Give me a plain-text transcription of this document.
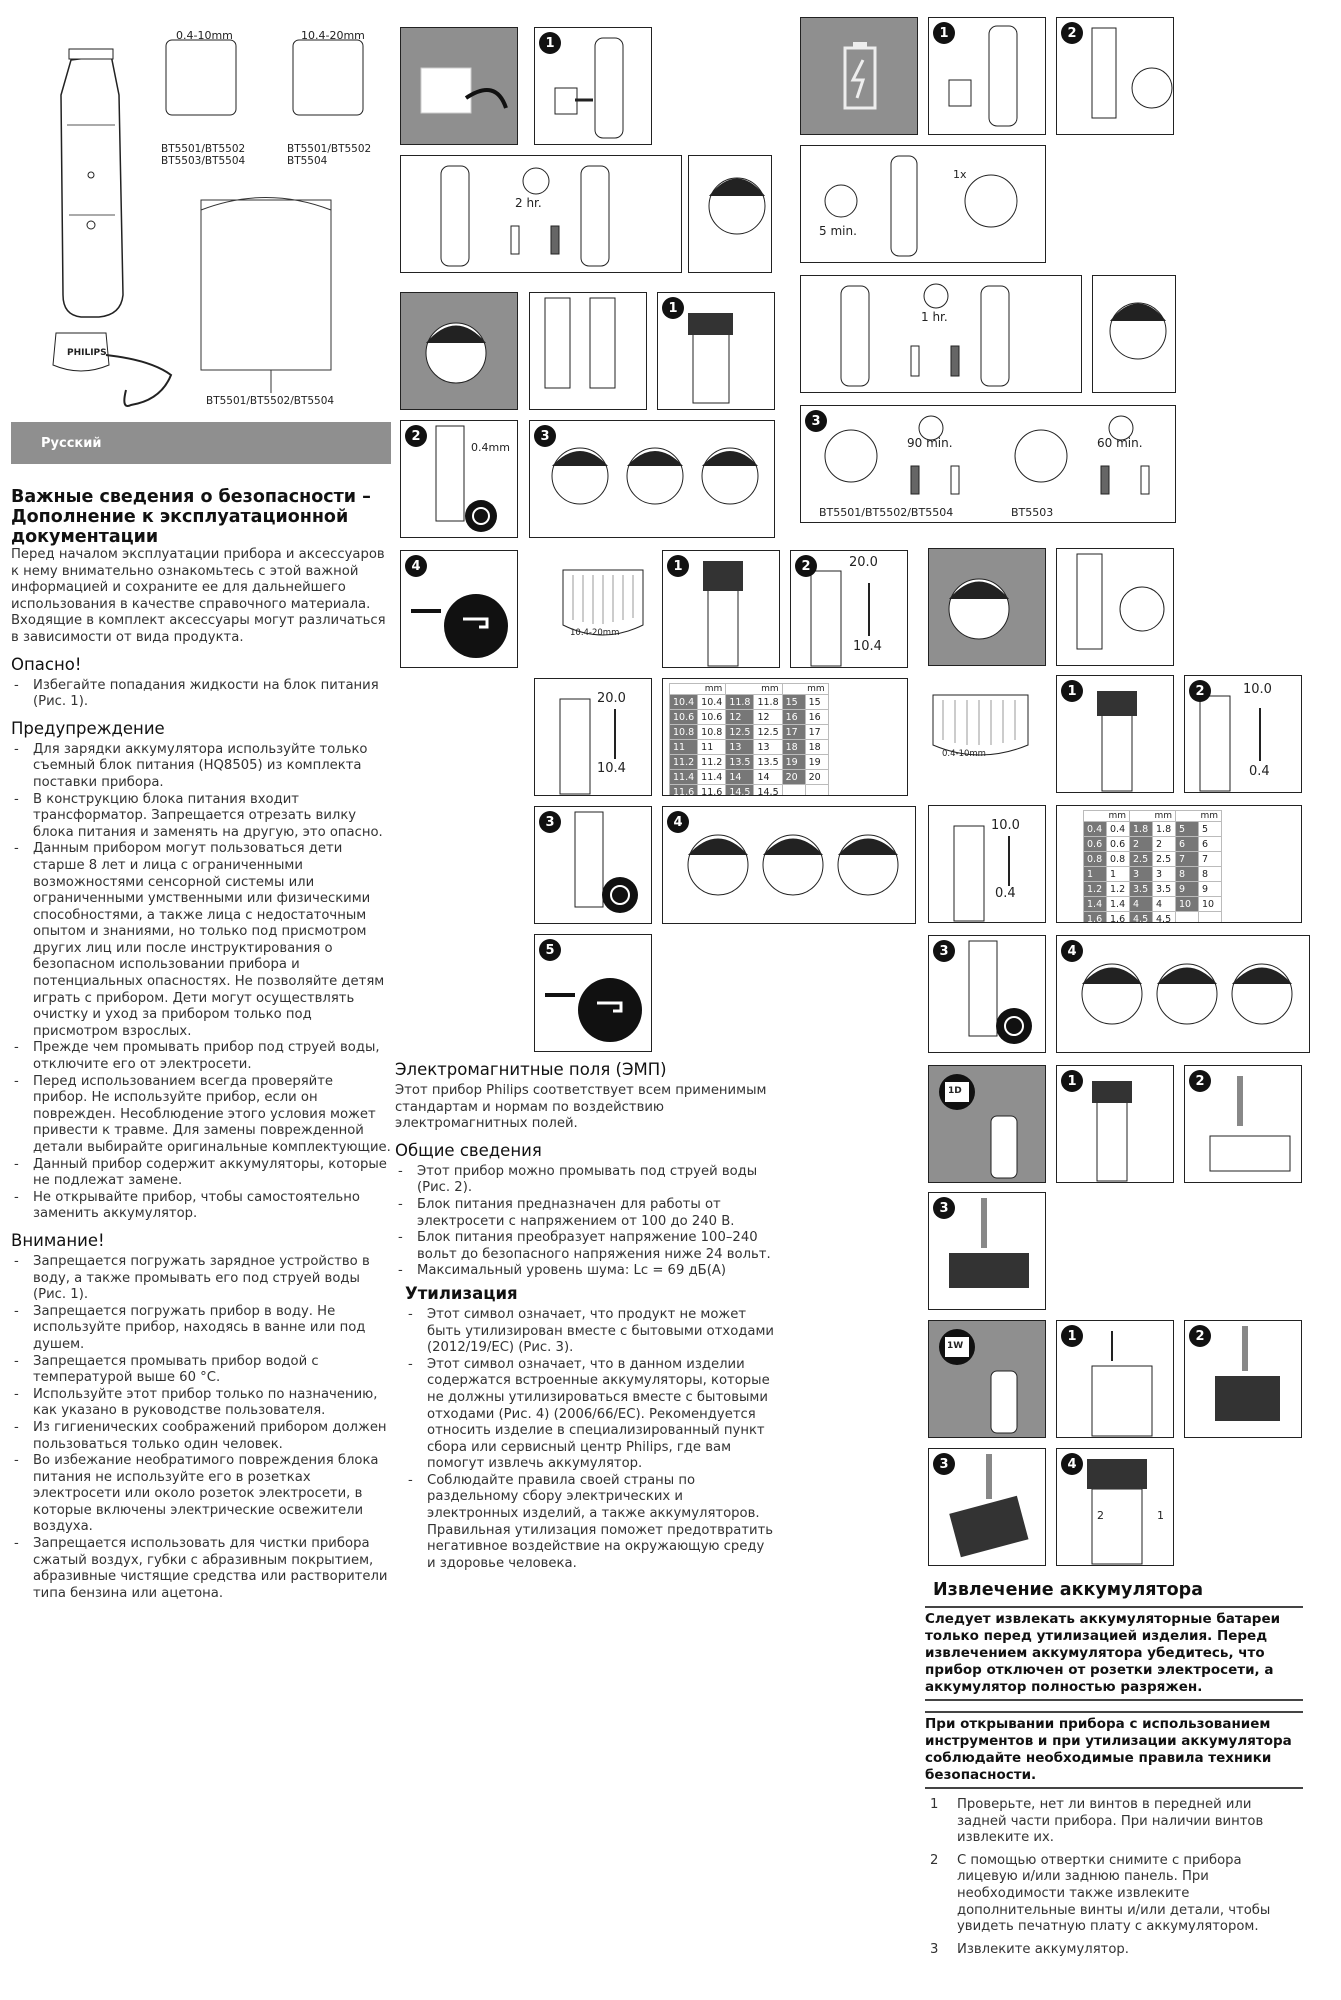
0.4-10mm	10.4-20mm
BT5501/BT5502
BT5503/BT5504
BT5501/BT5502
BT5504
PHILIPS
BT5501/BT5502/BT5504
Русский
Важные сведения о безопасности – Дополнение к эксплуатационной документации
Перед началом эксплуатации прибора и аксессуаров к нему внимательно ознакомьтесь с этой важной информацией и сохраните ее для дальнейшего использования в качестве справочного материала. Входящие в комплект аксессуары могут различаться в зависимости от вида продукта.
Опасно!
- Избегайте попадания жидкости на блок питания (Рис. 1).
Предупреждение
- Для зарядки аккумулятора используйте только съемный блок питания (HQ8505) из комплекта поставки прибора.
- В конструкцию блока питания входит трансформатор. Запрещается отрезать вилку блока питания и заменять на другую, это опасно.
- Данным прибором могут пользоваться дети старше 8 лет и лица с ограниченными возможностями сенсорной системы или ограниченными умственными или физическими способностями, а также лица с недостаточным опытом и знаниями, но только под присмотром других лиц или после инструктирования о безопасном использовании прибора и потенциальных опасностях. Не позволяйте детям играть с прибором. Дети могут осуществлять очистку и уход за прибором только под присмотром взрослых.
- Прежде чем промывать прибор под струей воды, отключите его от электросети.
- Перед использованием всегда проверяйте прибор. Не используйте прибор, если он поврежден. Несоблюдение этого условия может привести к травме. Для замены поврежденной детали выбирайте оригинальные комплектующие.
- Данный прибор содержит аккумуляторы, которые не подлежат замене.
- Не открывайте прибор, чтобы самостоятельно заменить аккумулятор.
Внимание!
- Запрещается погружать зарядное устройство в воду, а также промывать его под струей воды (Рис. 1).
- Запрещается погружать прибор в воду. Не используйте прибор, находясь в ванне или под душем.
- Запрещается промывать прибор водой с температурой выше 60 °C.
- Используйте этот прибор только по назначению, как указано в руководстве пользователя.
- Из гигиенических соображений прибором должен пользоваться только один человек.
- Во избежание необратимого повреждения блока питания не используйте его в розетках электросети или около розеток электросети, в которые включены электрические освежители воздуха.
- Запрещается использовать для чистки прибора сжатый воздух, губки с абразивным покрытием, абразивные чистящие средства или растворители типа бензина или ацетона.
1
2 hr.
1
2
0.4mm
3
4
10.4-20mm
1	2	20.0
10.4
20.0
10.4
mm		mm		mm	
10.4	10.4	11.8	11.8	15	15
10.6	10.6	12	12	16	16
10.8	10.8	12.5	12.5	17	17
11	11	13	13	18	18
11.2	11.2	13.5	13.5	19	19
11.4	11.4	14	14	20	20
11.6	11.6	14.5	14.5		
3	4
5
Электромагнитные поля (ЭМП)
Этот прибор Philips соответствует всем применимым стандартам и нормам по воздействию электромагнитных полей.
Общие сведения
- Этот прибор можно промывать под струей воды (Рис. 2).
- Блок питания предназначен для работы от электросети с напряжением от 100 до 240 В.
- Блок питания преобразует напряжение 100–240 вольт до безопасного напряжения ниже 24 вольт.
- Максимальный уровень шума: Lc = 69 дБ(A)
Утилизация
- Этот символ означает, что продукт не может быть утилизирован вместе с бытовыми отходами (2012/19/EC) (Рис. 3).
- Этот символ означает, что в данном изделии содержатся встроенные аккумуляторы, которые не должны утилизироваться вместе с бытовыми отходами (Рис. 4) (2006/66/EC). Рекомендуется относить изделие в специализированный пункт сбора или сервисный центр Philips, где вам помогут извлечь аккумулятор.
- Соблюдайте правила своей страны по раздельному сбору электрических и электронных изделий, а также аккумуляторов. Правильная утилизация поможет предотвратить негативное воздействие на окружающую среду и здоровье человека.
1	2
5 min.
1x
1 hr.
3
90 min.	60 min.
BT5501/BT5502/BT5504	BT5503
0.4-10mm
1	2	10.0
0.4
10.0
0.4
mm		mm		mm	
0.4	0.4	1.8	1.8	5	5
0.6	0.6	2	2	6	6
0.8	0.8	2.5	2.5	7	7
1	1	3	3	8	8
1.2	1.2	3.5	3.5	9	9
1.4	1.4	4	4	10	10
1.6	1.6	4.5	4.5		
3	4
1D
1	2
3
1W
1	2
3	4
2	1
Извлечение аккумулятора
Следует извлекать аккумуляторные батареи только перед утилизацией изделия. Перед извлечением аккумулятора убедитесь, что прибор отключен от розетки электросети, а аккумулятор полностью разряжен.
При открывании прибора с использованием инструментов и при утилизации аккумулятора соблюдайте необходимые правила техники безопасности.
1 Проверьте, нет ли винтов в передней или задней части прибора. При наличии винтов извлеките их.
2 С помощью отвертки снимите с прибора лицевую и/или заднюю панель. При необходимости также извлеките дополнительные винты и/или детали, чтобы увидеть печатную плату с аккумулятором.
3 Извлеките аккумулятор.
